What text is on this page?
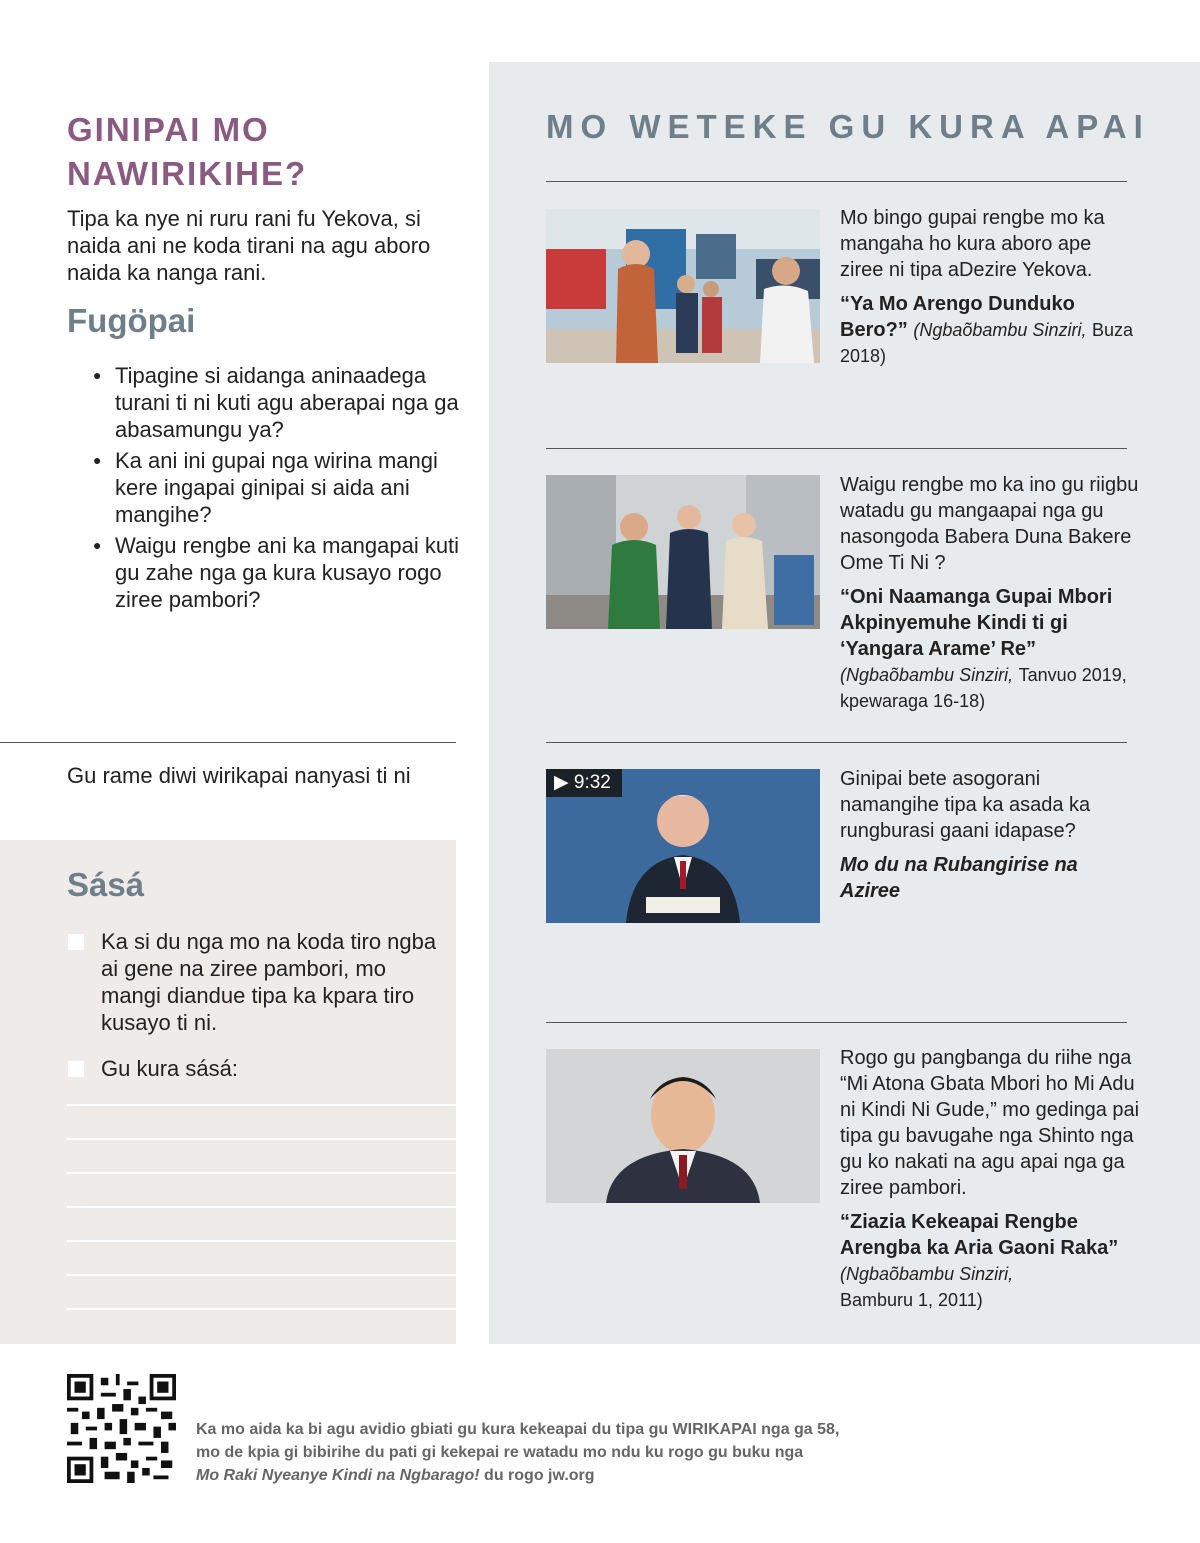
MO WETEKE GU KURA APAI
GINIPAI MO
NAWIRIKIHE?
Tipa ka nye ni ruru rani fu Yekova, si naida ani ne koda tirani na agu aboro naida ka nanga rani.
Fugöpai
● Tipagine si aidanga aninaadega turani ti ni kuti agu aberapai nga ga abasamungu ya?
● Ka ani ini gupai nga wirina mangi kere ingapai ginipai si aida ani mangihe?
● Waigu rengbe ani ka mangapai kuti gu zahe nga ga kura kusayo rogo ziree pambori?
Gu rame diwi wirikapai nanyasi ti ni
Sásá
Ka si du nga mo na koda tiro ngba ai gene na ziree pambori, mo mangi diandue tipa ka kpara tiro kusayo ti ni.
Gu kura sásá:
Mo bingo gupai rengbe mo ka mangaha ho kura aboro ape ziree ni tipa aDezire Yekova.
“Ya Mo Arengo Dunduko Bero?” (Ngbaõbambu Sinziri, Buza 2018)
Waigu rengbe mo ka ino gu riigbu watadu gu mangaapai nga gu nasongoda Babera Duna Bakere Ome Ti Ni ?
“Oni Naamanga Gupai Mbori Akpinyemuhe Kindi ti gi ‘Yangara Arame’ Re”
(Ngbaõbambu Sinziri, Tanvuo 2019, kpewaraga 16-18)
▶ 9:32	Ginipai bete asogorani namangihe tipa ka asada ka rungburasi gaani idapase?
Mo du na Rubangirise na Aziree
Rogo gu pangbanga du riihe nga “Mi Atona Gbata Mbori ho Mi Adu ni Kindi Ni Gude,” mo gedinga pai tipa gu bavugahe nga Shinto nga gu ko nakati na agu apai nga ga ziree pambori.
“Ziazia Kekeapai Rengbe Arengba ka Aria Gaoni Raka”
(Ngbaõbambu Sinziri,
Bamburu 1, 2011)
Ka mo aida ka bi agu avidio gbiati gu kura kekeapai du tipa gu WIRIKAPAI nga ga 58,
mo de kpia gi bibirihe du pati gi kekepai re watadu mo ndu ku rogo gu buku nga
Mo Raki Nyeanye Kindi na Ngbarago! du rogo jw.org
